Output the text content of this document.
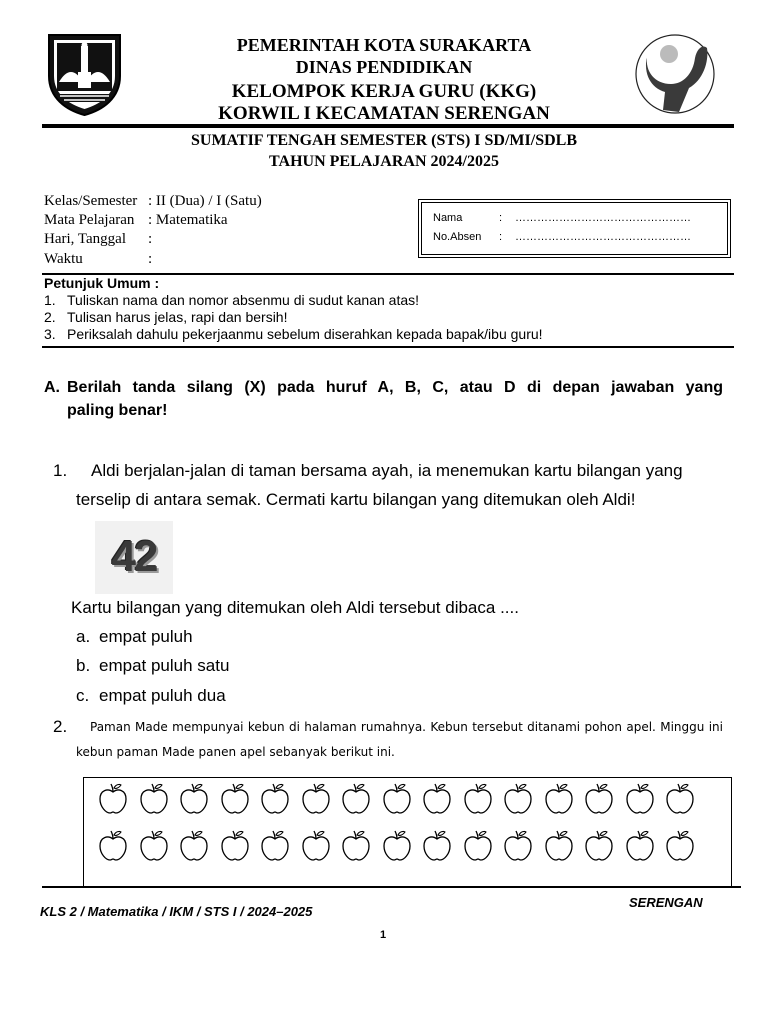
PEMERINTAH KOTA SURAKARTA
DINAS PENDIDIKAN
KELOMPOK KERJA GURU (KKG)
KORWIL I KECAMATAN SERENGAN
SUMATIF TENGAH SEMESTER (STS) I SD/MI/SDLB
TAHUN PELAJARAN 2024/2025
Kelas/Semester : II (Dua) / I (Satu)
Mata Pelajaran : Matematika
Hari, Tanggal :
Waktu	:
Nama	: …………………………………………
No.Absen : …………………………………………
Petunjuk Umum :
1. Tuliskan nama dan nomor absenmu di sudut kanan atas!
2. Tulisan harus jelas, rapi dan bersih!
3. Periksalah dahulu pekerjaanmu sebelum diserahkan kepada bapak/ibu guru!
A. Berilah tanda silang (X) pada huruf A, B, C, atau D di depan jawaban yang
paling benar!
1. Aldi berjalan-jalan di taman bersama ayah, ia menemukan kartu bilangan yang
terselip di antara semak. Cermati kartu bilangan yang ditemukan oleh Aldi!
42
Kartu bilangan yang ditemukan oleh Aldi tersebut dibaca ....
a. empat puluh
b. empat puluh satu
c. empat puluh dua
2. Paman Made mempunyai kebun di halaman rumahnya. Kebun tersebut ditanami pohon apel. Minggu ini
kebun paman Made panen apel sebanyak berikut ini.
SERENGAN
KLS 2 / Matematika / IKM / STS I / 2024–2025
1
